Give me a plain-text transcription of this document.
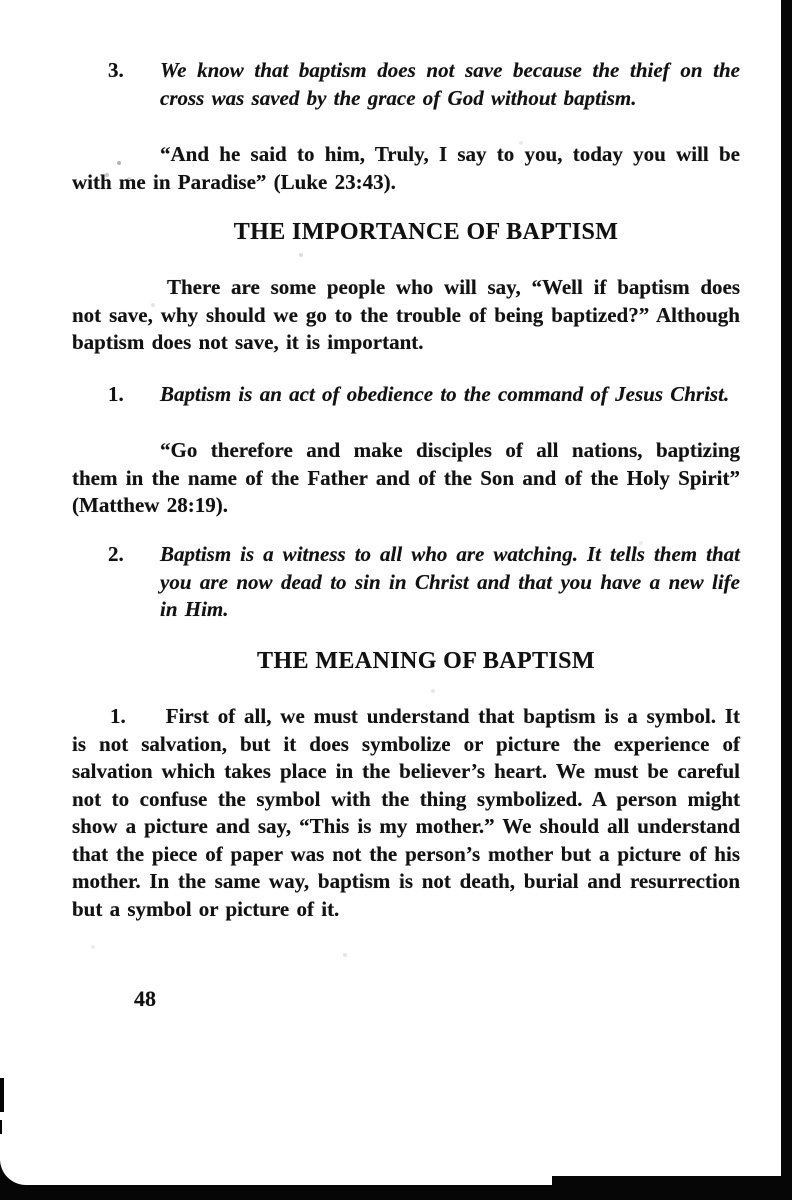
3. We know that baptism does not save because the thief on the cross was saved by the grace of God without baptism.
“And he said to him, Truly, I say to you, today you will be with me in Paradise” (Luke 23:43).
THE IMPORTANCE OF BAPTISM
There are some people who will say, “Well if baptism does not save, why should we go to the trouble of being baptized?” Although baptism does not save, it is important.
1. Baptism is an act of obedience to the command of Jesus Christ.
“Go therefore and make disciples of all nations, baptizing them in the name of the Father and of the Son and of the Holy Spirit” (Matthew 28:19).
2. Baptism is a witness to all who are watching. It tells them that you are now dead to sin in Christ and that you have a new life in Him.
THE MEANING OF BAPTISM
1. First of all, we must understand that baptism is a symbol. It is not salvation, but it does symbolize or picture the experience of salvation which takes place in the believer’s heart. We must be careful not to confuse the symbol with the thing symbolized. A person might show a picture and say, “This is my mother.” We should all understand that the piece of paper was not the person’s mother but a picture of his mother. In the same way, baptism is not death, burial and resurrection but a symbol or picture of it.
48
